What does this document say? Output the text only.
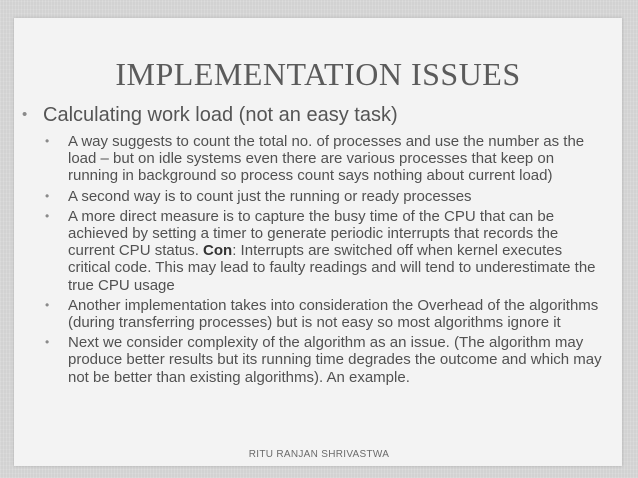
IMPLEMENTATION ISSUES

• Calculating work load (not an easy task)

• A way suggests to count the total no. of processes and use the number as the load – but on idle systems even there are various processes that keep on running in background so process count says nothing about current load)
• A second way is to count just the running or ready processes
• A more direct measure is to capture the busy time of the CPU that can be achieved by setting a timer to generate periodic interrupts that records the current CPU status. Con: Interrupts are switched off when kernel executes critical code. This may lead to faulty readings and will tend to underestimate the true CPU usage
• Another implementation takes into consideration the Overhead of the algorithms (during transferring processes) but is not easy so most algorithms ignore it
• Next we consider complexity of the algorithm as an issue. (The algorithm may produce better results but its running time degrades the outcome and which may not be better than existing algorithms). An example.
RITU RANJAN SHRIVASTWA
